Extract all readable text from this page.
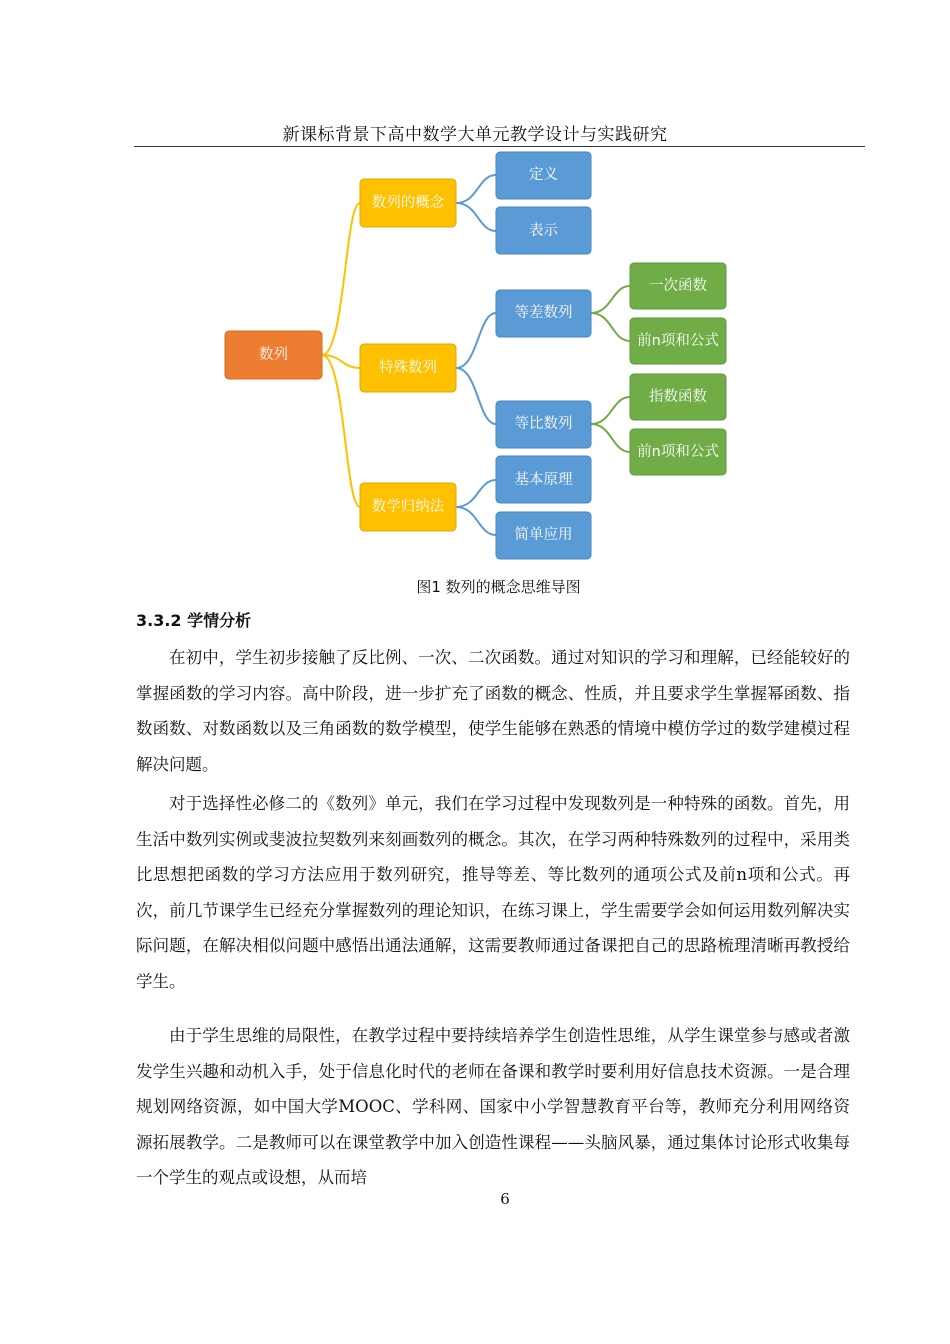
新课标背景下高中数学大单元教学设计与实践研究
数列
数列的概念
特殊数列
数学归纳法
定义
表示
等差数列
等比数列
基本原理
简单应用
一次函数
前n项和公式
指数函数
前n项和公式
图1 数列的概念思维导图
3.3.2 学情分析

在初中，学生初步接触了反比例、一次、二次函数。通过对知识的学习和理解，已经能较好的掌握函数的学习内容。高中阶段，进一步扩充了函数的概念、性质，并且要求学生掌握幂函数、指数函数、对数函数以及三角函数的数学模型，使学生能够在熟悉的情境中模仿学过的数学建模过程解决问题。

对于选择性必修二的《数列》单元，我们在学习过程中发现数列是一种特殊的函数。首先，用生活中数列实例或斐波拉契数列来刻画数列的概念。其次，在学习两种特殊数列的过程中，采用类比思想把函数的学习方法应用于数列研究，推导等差、等比数列的通项公式及前n项和公式。再次，前几节课学生已经充分掌握数列的理论知识，在练习课上，学生需要学会如何运用数列解决实际问题，在解决相似问题中感悟出通法通解，这需要教师通过备课把自己的思路梳理清晰再教授给学生。

由于学生思维的局限性，在教学过程中要持续培养学生创造性思维，从学生课堂参与感或者激发学生兴趣和动机入手，处于信息化时代的老师在备课和教学时要利用好信息技术资源。一是合理规划网络资源，如中国大学MOOC、学科网、国家中小学智慧教育平台等，教师充分利用网络资源拓展教学。二是教师可以在课堂教学中加入创造性课程——头脑风暴，通过集体讨论形式收集每一个学生的观点或设想，从而培

6
